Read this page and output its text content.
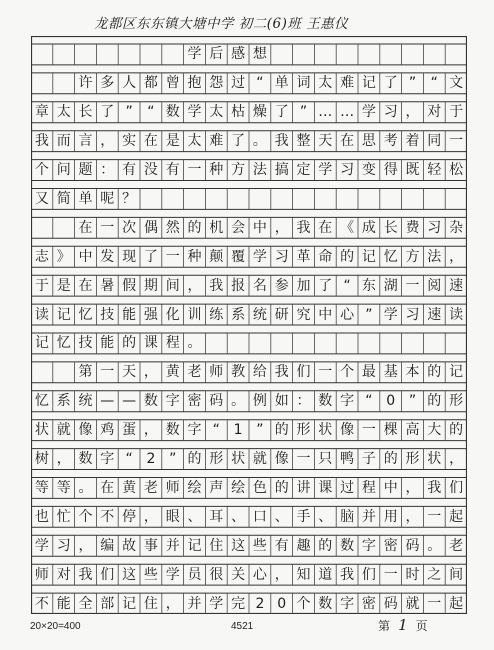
龙都区东东镇大塘中学 初二(6)班 王惠仪
学 后 感 想
许 多 人 都 曾 抱 怨 过 “ 单 词 太 难 记 了 ”	“ 文
章 太 长 了 ”	“ 数 学 太 枯 燥 了 ” … … 学 习 ， 对 于
我 而 言 ， 实 在 是 太 难 了 。 我 整 天 在 思 考 着 同 一
个 问 题 ： 有 没 有 一 种 方 法 搞 定 学 习 变 得 既 轻 松
又 简 单 呢 ？
在 一 次 偶 然 的 机 会 中 ， 我 在 《 成 长 费 习 杂
志 》 中 发 现 了 一 种 颠 覆 学 习 革 命 的 记 忆 方 法 ，
于 是 在 暑 假 期 间 ， 我 报 名 参 加 了 “ 东 湖 一 阅 速
读 记 忆 技 能 强 化 训 练 系 统 研 究 中 心 ” 学 习 速 读
记 忆 技 能 的 课 程 。
第 一 天 ， 黄 老 师 教 给 我 们 一 个 最 基 本 的 记
忆 系 统 — — 数 字 密 码 。 例 如 ： 数 字 “ 0 ” 的 形
状 就 像 鸡 蛋 ， 数 字 “ 1 ” 的 形 状 像 一 棵 高 大 的
树 ， 数 字 “ 2 ” 的 形 状 就 像 一 只 鸭 子 的 形 状 ，
等 等 。 在 黄 老 师 绘 声 绘 色 的 讲 课 过 程 中 ， 我 们
也 忙 个 不 停 ， 眼 、 耳 、 口 、 手 、 脑 并 用 ， 一 起
学 习 ， 编 故 事 并 记 住 这 些 有 趣 的 数 字 密 码 。 老
师 对 我 们 这 些 学 员 很 关 心 ， 知 道 我 们 一 时 之 间
不 能 全 部 记 住 ， 并 学 完 2 0 个 数 字 密 码 就 一 起
20×20=400	4521	第 1 页
